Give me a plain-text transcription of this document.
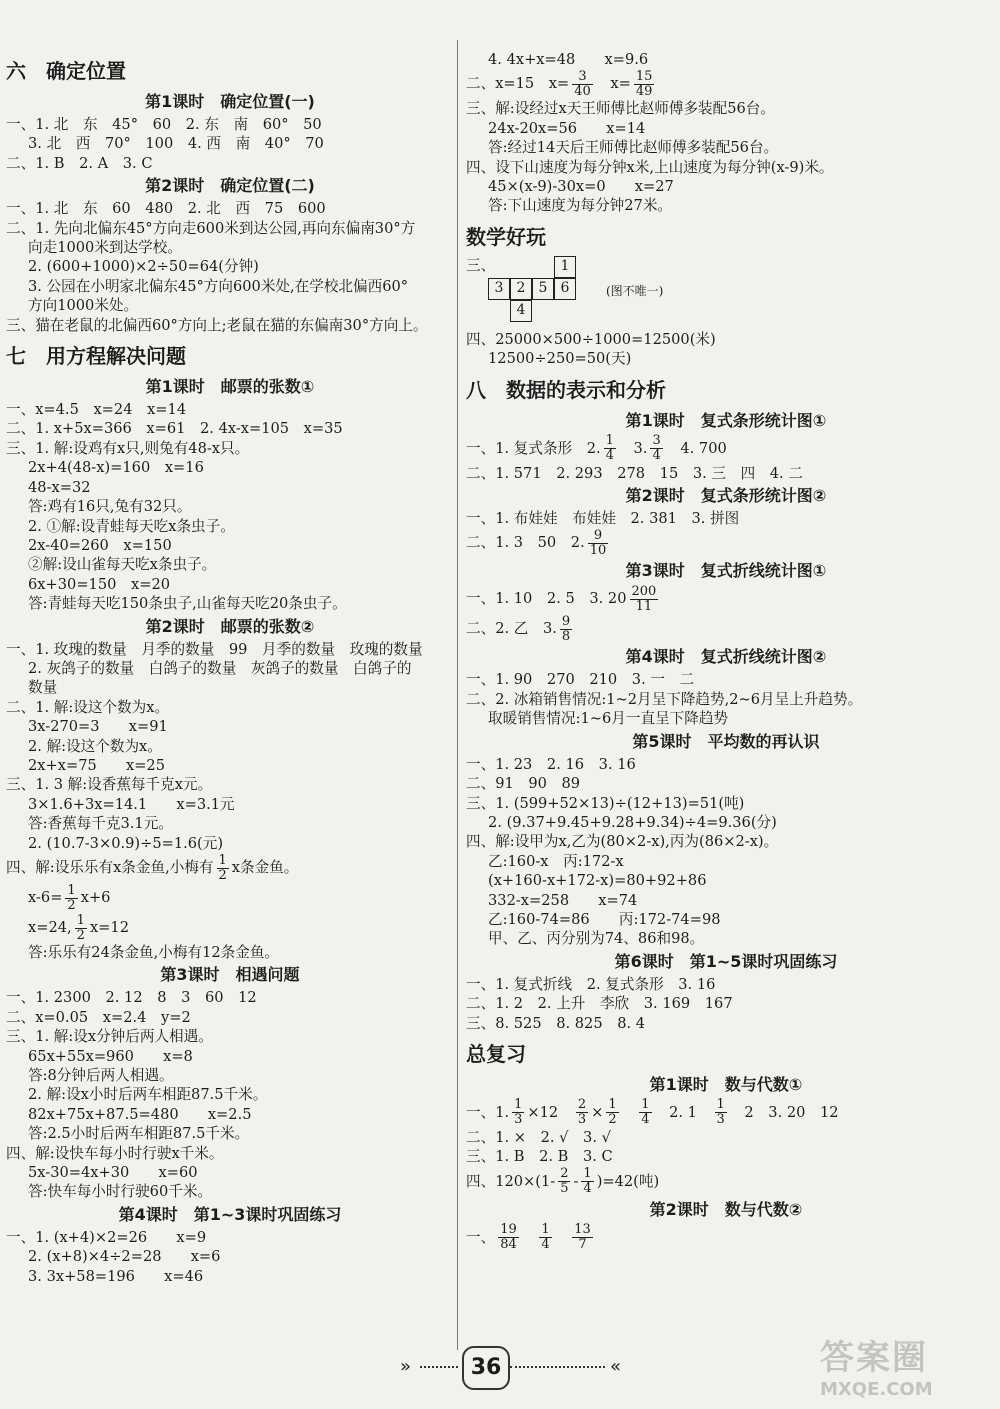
六　确定位置
第1课时　确定位置(一)
一、1. 北　东　45°　60　2. 东　南　60°　50
3. 北　西　70°　100　4. 西　南　40°　70
二、1. B　2. A　3. C
第2课时　确定位置(二)
一、1. 北　东　60　480　2. 北　西　75　600
二、1. 先向北偏东45°方向走600米到达公园,再向东偏南30°方
向走1000米到达学校。
2. (600+1000)×2÷50=64(分钟)
3. 公园在小明家北偏东45°方向600米处,在学校北偏西60°
方向1000米处。
三、猫在老鼠的北偏西60°方向上;老鼠在猫的东偏南30°方向上。
七　用方程解决问题
第1课时　邮票的张数①
一、x=4.5　x=24　x=14
二、1. x+5x=366　x=61　2. 4x-x=105　x=35
三、1. 解:设鸡有x只,则兔有48-x只。
2x+4(48-x)=160　x=16
48-x=32
答:鸡有16只,兔有32只。
2. ①解:设青蛙每天吃x条虫子。
2x-40=260　x=150
②解:设山雀每天吃x条虫子。
6x+30=150　x=20
答:青蛙每天吃150条虫子,山雀每天吃20条虫子。
第2课时　邮票的张数②
一、1. 玫瑰的数量　月季的数量　99　月季的数量　玫瑰的数量
2. 灰鸽子的数量　白鸽子的数量　灰鸽子的数量　白鸽子的
数量
二、1. 解:设这个数为x。
3x-270=3　　x=91
2. 解:设这个数为x。
2x+x=75　　x=25
三、1. 3 解:设香蕉每千克x元。
3×1.6+3x=14.1　　x=3.1元
答:香蕉每千克3.1元。
2. (10.7-3×0.9)÷5=1.6(元)
四、解:设乐乐有x条金鱼,小梅有 $\frac{1}{2}$ x条金鱼。
$x-6= \frac{1}{2} x+6$
x=24, $\frac{1}{2} x=12$
答:乐乐有24条金鱼,小梅有12条金鱼。
第3课时　相遇问题
一、1. 2300　2. 12　8　3　60　12
二、x=0.05　x=2.4　y=2
三、1. 解:设x分钟后两人相遇。
65x+55x=960　　x=8
答:8分钟后两人相遇。
2. 解:设x小时后两车相距87.5千米。
82x+75x+87.5=480　　x=2.5
答:2.5小时后两车相距87.5千米。
四、解:设快车每小时行驶x千米。
5x-30=4x+30　　x=60
答:快车每小时行驶60千米。
第4课时　第1~3课时巩固练习
一、1. (x+4)×2=26　　x=9
2. (x+8)×4÷2=28　　x=6
3. 3x+58=196　　x=46
4. 4x+x=48　　x=9.6
二、x=15　$x= \frac{3}{40}$ 　$x= \frac{15}{49}$
三、解:设经过x天王师傅比赵师傅多装配56台。
24x-20x=56　　x=14
答:经过14天后王师傅比赵师傅多装配56台。
四、设下山速度为每分钟x米,上山速度为每分钟(x-9)米。
45×(x-9)-30x=0　　x=27
答:下山速度为每分钟27米。
数学好玩
三、	1
3 2 5 6
4
(图不唯一)
四、25000×500÷1000=12500(米)
12500÷250=50(天)
八　数据的表示和分析
第1课时　复式条形统计图①
一、1. 复式条形　2. $\frac{1}{4}$ 　3. $\frac{3}{4}$ 　4. 700
二、1. 571　2. 293　278　15　3. 三　四　4. 二
第2课时　复式条形统计图②
一、1. 布娃娃　布娃娃　2. 381　3. 拼图
二、1. 3　50　2. $\frac{9}{10}$
第3课时　复式折线统计图①
一、1. 10　2. 5　3. $20 \frac{200}{11}$
二、2. 乙　3. $\frac{9}{8}$
第4课时　复式折线统计图②
一、1. 90　270　210　3. 一　二
二、2. 冰箱销售情况:1~2月呈下降趋势,2~6月呈上升趋势。
取暖销售情况:1~6月一直呈下降趋势
第5课时　平均数的再认识
一、1. 23　2. 16　3. 16
二、91　90　89
三、1. (599+52×13)÷(12+13)=51(吨)
2. (9.37+9.45+9.28+9.34)÷4=9.36(分)
四、解:设甲为x,乙为(80×2-x),丙为(86×2-x)。
乙:160-x　丙:172-x
(x+160-x+172-x)=80+92+86
332-x=258　　x=74
乙:160-74=86　　丙:172-74=98
甲、乙、丙分别为74、86和98。
第6课时　第1~5课时巩固练习
一、1. 复式折线　2. 复式条形　3. 16
二、1. 2　2. 上升　李欣　3. 169　167
三、8. 525　8. 825　8. 4
总复习
第1课时　数与代数①
一、1. $\frac{1}{3} \times 12$　 $\frac{2}{3} \times \frac{1}{2}$
　 $\frac{1}{4}$ 　2. 1　 $\frac{1}{3}$ 　2　3. 20　12
二、1. ×　2. √　3. √
三、1. B　2. B　3. C
四、$120\times(1- \frac{2}{5} - \frac{1}{4} )=42$(吨)
第2课时　数与代数②
一、 $\frac{19}{84}$
　 $\frac{1}{4}$
　 $\frac{13}{7}$
»	36	«	答案圈
MXQE.COM
